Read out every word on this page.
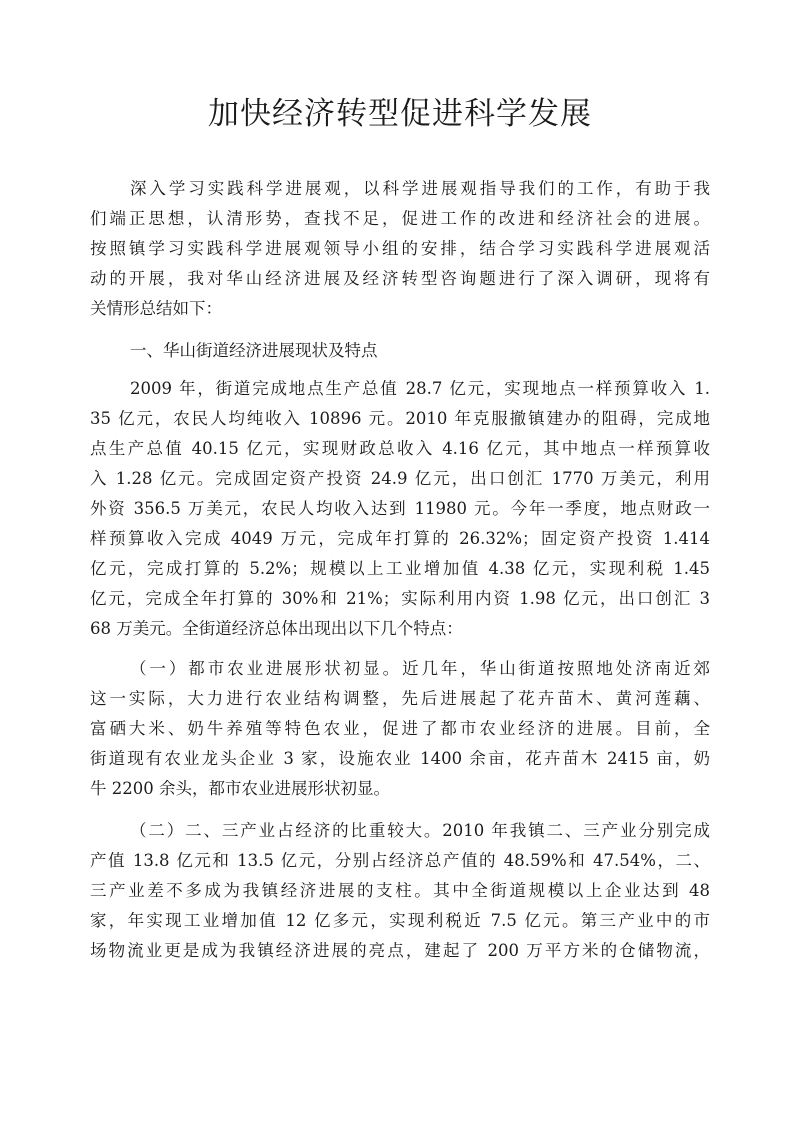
加快经济转型促进科学发展
深入学习实践科学进展观，以科学进展观指导我们的工作，有助于我
们端正思想，认清形势，查找不足，促进工作的改进和经济社会的进展。
按照镇学习实践科学进展观领导小组的安排，结合学习实践科学进展观活
动的开展，我对华山经济进展及经济转型咨询题进行了深入调研，现将有
关情形总结如下：
一、华山街道经济进展现状及特点
2009 年，街道完成地点生产总值 28.7 亿元，实现地点一样预算收入 1.
35 亿元，农民人均纯收入 10896 元。2010 年克服撤镇建办的阻碍，完成地
点生产总值 40.15 亿元，实现财政总收入 4.16 亿元，其中地点一样预算收
入 1.28 亿元。完成固定资产投资 24.9 亿元，出口创汇 1770 万美元，利用
外资 356.5 万美元，农民人均收入达到 11980 元。今年一季度，地点财政一
样预算收入完成 4049 万元，完成年打算的 26.32%；固定资产投资 1.414
亿元，完成打算的 5.2%；规模以上工业增加值 4.38 亿元，实现利税 1.45
亿元，完成全年打算的 30%和 21%；实际利用内资 1.98 亿元，出口创汇 3
68 万美元。全街道经济总体出现出以下几个特点：
（一）都市农业进展形状初显。近几年，华山街道按照地处济南近郊
这一实际，大力进行农业结构调整，先后进展起了花卉苗木、黄河莲藕、
富硒大米、奶牛养殖等特色农业，促进了都市农业经济的进展。目前，全
街道现有农业龙头企业 3 家，设施农业 1400 余亩，花卉苗木 2415 亩，奶
牛 2200 余头，都市农业进展形状初显。
（二）二、三产业占经济的比重较大。2010 年我镇二、三产业分别完成
产值 13.8 亿元和 13.5 亿元，分别占经济总产值的 48.59%和 47.54%，二、
三产业差不多成为我镇经济进展的支柱。其中全街道规模以上企业达到 48
家，年实现工业增加值 12 亿多元，实现利税近 7.5 亿元。第三产业中的市
场物流业更是成为我镇经济进展的亮点，建起了 200 万平方米的仓储物流，
